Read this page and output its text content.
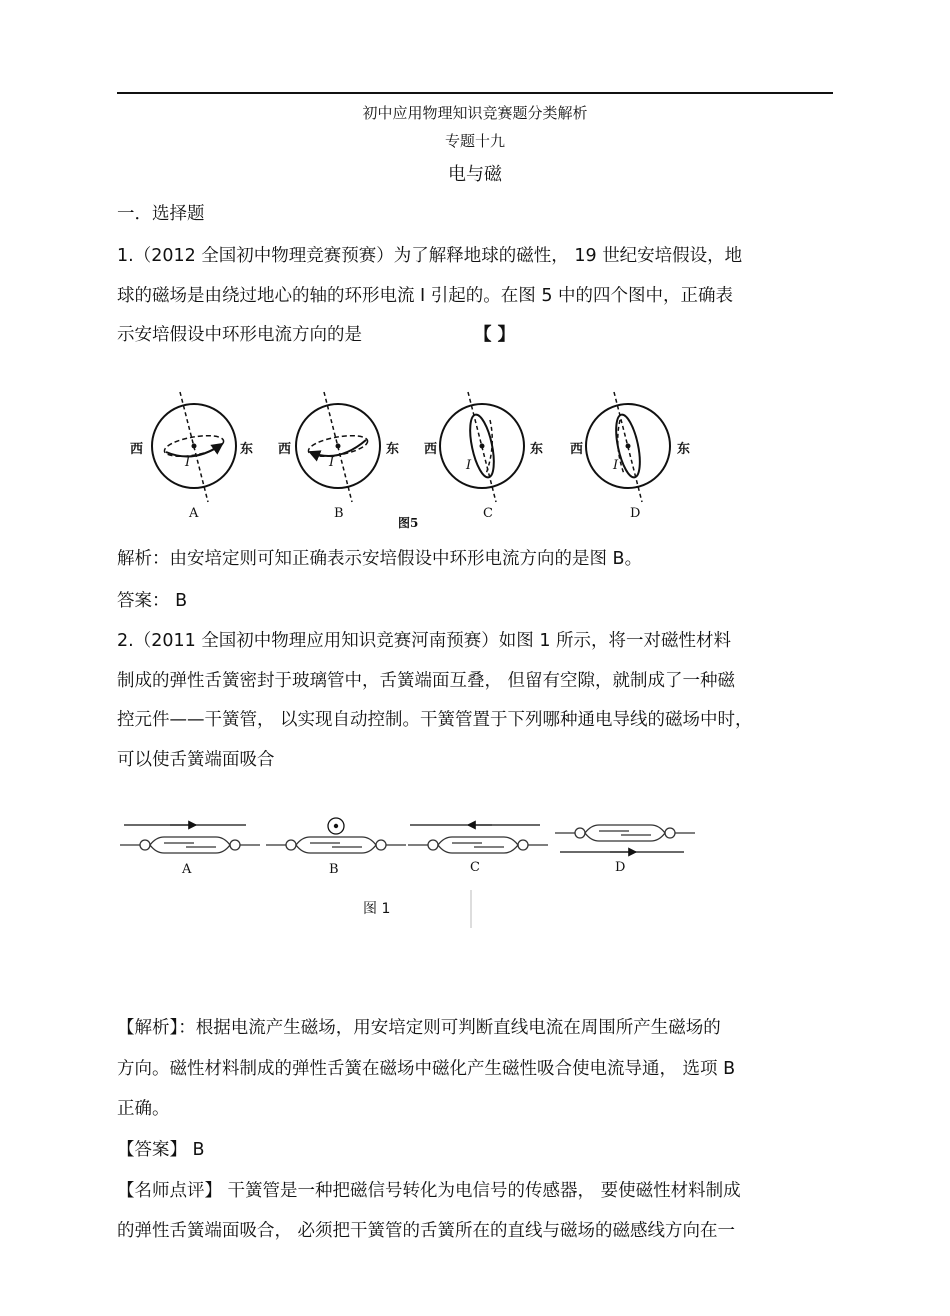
初中应用物理知识竞赛题分类解析
专题十九
电与磁
一．选择题
1.（2012 全国初中物理竞赛预赛）为了解释地球的磁性， 19 世纪安培假设，地
球的磁场是由绕过地心的轴的环形电流 I 引起的。在图 5 中的四个图中，正确表
示安培假设中环形电流方向的是	【 】
西	东 西	东 西	东 西	东
I	I	I	I
A	B	C	D
图5
解析：由安培定则可知正确表示安培假设中环形电流方向的是图 B。
答案： B
2.（2011 全国初中物理应用知识竞赛河南预赛）如图 1 所示，将一对磁性材料
制成的弹性舌簧密封于玻璃管中，舌簧端面互叠， 但留有空隙，就制成了一种磁
控元件——干簧管， 以实现自动控制。干簧管置于下列哪种通电导线的磁场中时，
可以使舌簧端面吸合
A	B	C	D
图 1
【解析】：根据电流产生磁场，用安培定则可判断直线电流在周围所产生磁场的
方向。磁性材料制成的弹性舌簧在磁场中磁化产生磁性吸合使电流导通， 选项 B
正确。
【答案】 B
【名师点评】 干簧管是一种把磁信号转化为电信号的传感器， 要使磁性材料制成
的弹性舌簧端面吸合， 必须把干簧管的舌簧所在的直线与磁场的磁感线方向在一
